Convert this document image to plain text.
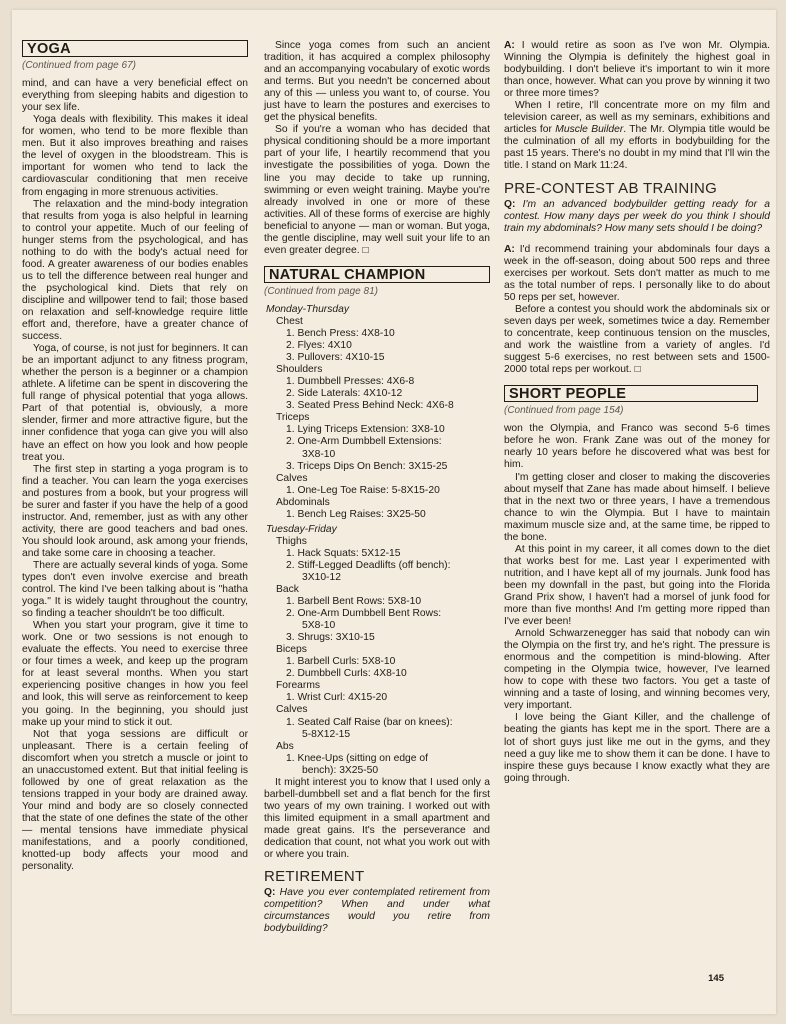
YOGA
(Continued from page 67)

mind, and can have a very beneficial effect on everything from sleeping habits and digestion to your sex life.

Yoga deals with flexibility. This makes it ideal for women, who tend to be more flexible than men. But it also improves breathing and raises the level of oxygen in the bloodstream. This is important for women who tend to lack the cardiovascular conditioning that men receive from engaging in more strenuous activities.

The relaxation and the mind-body integration that results from yoga is also helpful in learning to control your appetite. Much of our feeling of hunger stems from the psychological, and has nothing to do with the body's actual need for food. A greater awareness of our bodies enables us to tell the difference between real hunger and the psychological kind. Diets that rely on discipline and willpower tend to fail; those based on relaxation and self-knowledge require little effort and, therefore, have a greater chance of success.

Yoga, of course, is not just for beginners. It can be an important adjunct to any fitness program, whether the person is a beginner or a champion athlete. A lifetime can be spent in discovering the full range of physical potential that yoga allows. Part of that potential is, obviously, a more slender, firmer and more attractive figure, but the inner confidence that yoga can give you will also have an effect on how you look and how people treat you.

The first step in starting a yoga program is to find a teacher. You can learn the yoga exercises and postures from a book, but your progress will be surer and faster if you have the help of a good instructor. And, remember, just as with any other activity, there are good teachers and bad ones. You should look around, ask among your friends, and take some care in choosing a teacher.

There are actually several kinds of yoga. Some types don't even involve exercise and breath control. The kind I've been talking about is "hatha yoga." It is widely taught throughout the country, so finding a teacher shouldn't be too difficult.

When you start your program, give it time to work. One or two sessions is not enough to evaluate the effects. You need to exercise three or four times a week, and keep up the program for at least several months. When you start experiencing positive changes in how you feel and look, this will serve as reinforcement to keep you going. In the beginning, you should just make up your mind to stick it out.

Not that yoga sessions are difficult or unpleasant. There is a certain feeling of discomfort when you stretch a muscle or joint to an unaccustomed extent. But that initial feeling is followed by one of great relaxation as the tensions trapped in your body are drained away. Your mind and body are so closely connected that the state of one defines the state of the other — mental tensions have immediate physical manifestations, and a poorly conditioned, knotted-up body affects your mood and personality.

Since yoga comes from such an ancient tradition, it has acquired a complex philosophy and an accompanying vocabulary of exotic words and terms. But you needn't be concerned about any of this — unless you want to, of course. You just have to learn the postures and exercises to get the physical benefits.

So if you're a woman who has decided that physical conditioning should be a more important part of your life, I heartily recommend that you investigate the possibilities of yoga. Down the line you may decide to take up running, swimming or even weight training. Maybe you're already involved in one or more of these activities. All of these forms of exercise are highly beneficial to anyone — man or woman. But yoga, the gentle discipline, may well suit your life to an even greater degree. □

NATURAL CHAMPION
(Continued from page 81)
Monday-Thursday
Chest
1. Bench Press: 4X8-10
2. Flyes: 4X10
3. Pullovers: 4X10-15
Shoulders
1. Dumbbell Presses: 4X6-8
2. Side Laterals: 4X10-12
3. Seated Press Behind Neck: 4X6-8
Triceps
1. Lying Triceps Extension: 3X8-10
2. One-Arm Dumbbell Extensions:
3X8-10
3. Triceps Dips On Bench: 3X15-25
Calves
1. One-Leg Toe Raise: 5-8X15-20
Abdominals
1. Bench Leg Raises: 3X25-50
Tuesday-Friday
Thighs
1. Hack Squats: 5X12-15
2. Stiff-Legged Deadlifts (off bench):
3X10-12
Back
1. Barbell Bent Rows: 5X8-10
2. One-Arm Dumbbell Bent Rows:
5X8-10
3. Shrugs: 3X10-15
Biceps
1. Barbell Curls: 5X8-10
2. Dumbbell Curls: 4X8-10
Forearms
1. Wrist Curl: 4X15-20
Calves
1. Seated Calf Raise (bar on knees):
5-8X12-15
Abs
1. Knee-Ups (sitting on edge of
bench): 3X25-50

It might interest you to know that I used only a barbell-dumbbell set and a flat bench for the first two years of my own training. I worked out with this limited equipment in a small apartment and made great gains. It's the perseverance and dedication that count, not what you work out with or where you train.

RETIREMENT

Q: Have you ever contemplated retirement from competition? When and under what circumstances would you retire from bodybuilding?

A: I would retire as soon as I've won Mr. Olympia. Winning the Olympia is definitely the highest goal in bodybuilding. I don't believe it's important to win it more than once, however. What can you prove by winning it two or three more times?

When I retire, I'll concentrate more on my film and television career, as well as my seminars, exhibitions and articles for Muscle Builder. The Mr. Olympia title would be the culmination of all my efforts in bodybuilding for the past 15 years. There's no doubt in my mind that I'll win the title. I stand on Mark 11:24.

PRE-CONTEST AB TRAINING

Q: I'm an advanced bodybuilder getting ready for a contest. How many days per week do you think I should train my abdominals? How many sets should I be doing?

A: I'd recommend training your abdominals four days a week in the off-season, doing about 500 reps and three exercises per workout. Sets don't matter as much to me as the total number of reps. I personally like to do about 50 reps per set, however.

Before a contest you should work the abdominals six or seven days per week, sometimes twice a day. Remember to concentrate, keep continuous tension on the muscles, and work the waistline from a variety of angles. I'd suggest 5-6 exercises, no rest between sets and 1500-2000 total reps per workout. □

SHORT PEOPLE
(Continued from page 154)

won the Olympia, and Franco was second 5-6 times before he won. Frank Zane was out of the money for nearly 10 years before he discovered what was best for him.

I'm getting closer and closer to making the discoveries about myself that Zane has made about himself. I believe that in the next two or three years, I have a tremendous chance to win the Olympia. But I have to maintain maximum muscle size and, at the same time, be ripped to the bone.

At this point in my career, it all comes down to the diet that works best for me. Last year I experimented with nutrition, and I have kept all of my journals. Junk food has been my downfall in the past, but going into the Florida Grand Prix show, I haven't had a morsel of junk food for more than five months! And I'm getting more ripped than I've ever been!

Arnold Schwarzenegger has said that nobody can win the Olympia on the first try, and he's right. The pressure is enormous and the competition is mind-blowing. After competing in the Olympia twice, however, I've learned how to cope with these two factors. You get a taste of winning and a taste of losing, and winning becomes very, very important.

I love being the Giant Killer, and the challenge of beating the giants has kept me in the sport. There are a lot of short guys just like me out in the gyms, and they need a guy like me to show them it can be done. I have to inspire these guys because I know exactly what they are going through.

145
